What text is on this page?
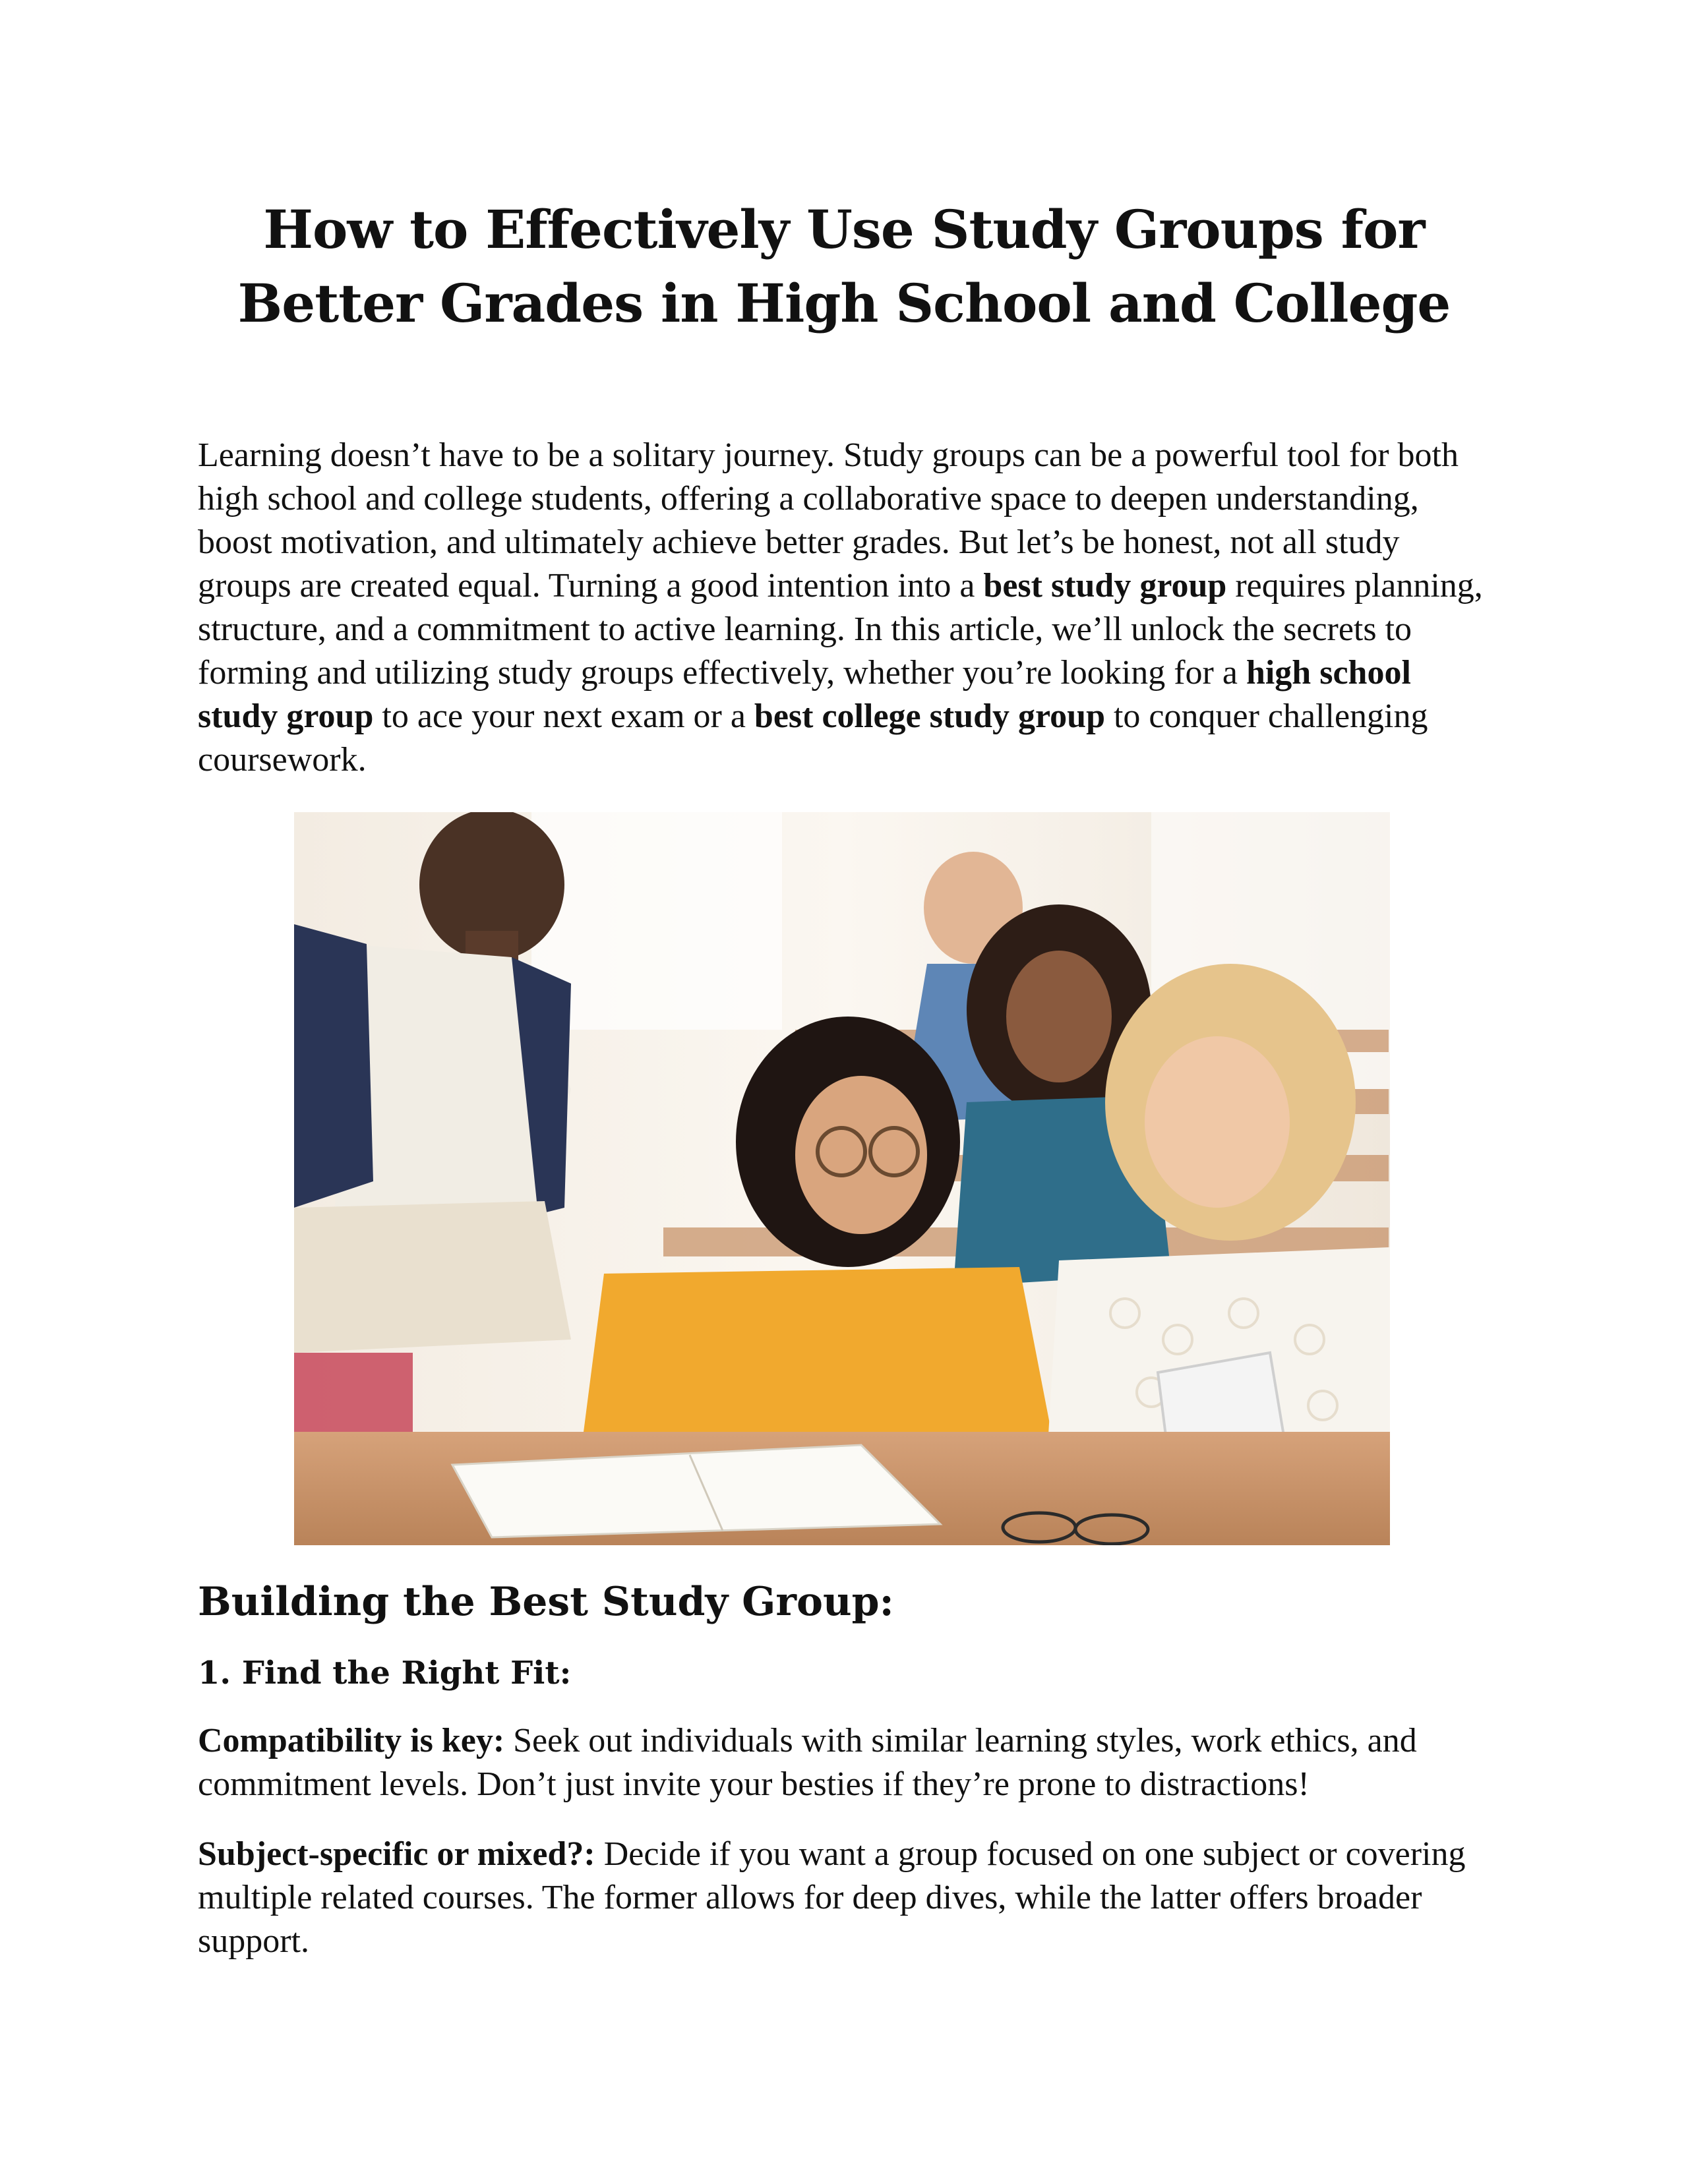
How to Effectively Use Study Groups for
Better Grades in High School and College

Learning doesn’t have to be a solitary journey. Study groups can be a powerful tool for both high school and college students, offering a collaborative space to deepen understanding, boost motivation, and ultimately achieve better grades. But let’s be honest, not all study groups are created equal. Turning a good intention into a best study group requires planning, structure, and a commitment to active learning. In this article, we’ll unlock the secrets to forming and utilizing study groups effectively, whether you’re looking for a high school study group to ace your next exam or a best college study group to conquer challenging coursework.

Building the Best Study Group:
1. Find the Right Fit:

Compatibility is key: Seek out individuals with similar learning styles, work ethics, and commitment levels. Don’t just invite your besties if they’re prone to distractions!

Subject-specific or mixed?: Decide if you want a group focused on one subject or covering multiple related courses. The former allows for deep dives, while the latter offers broader support.
